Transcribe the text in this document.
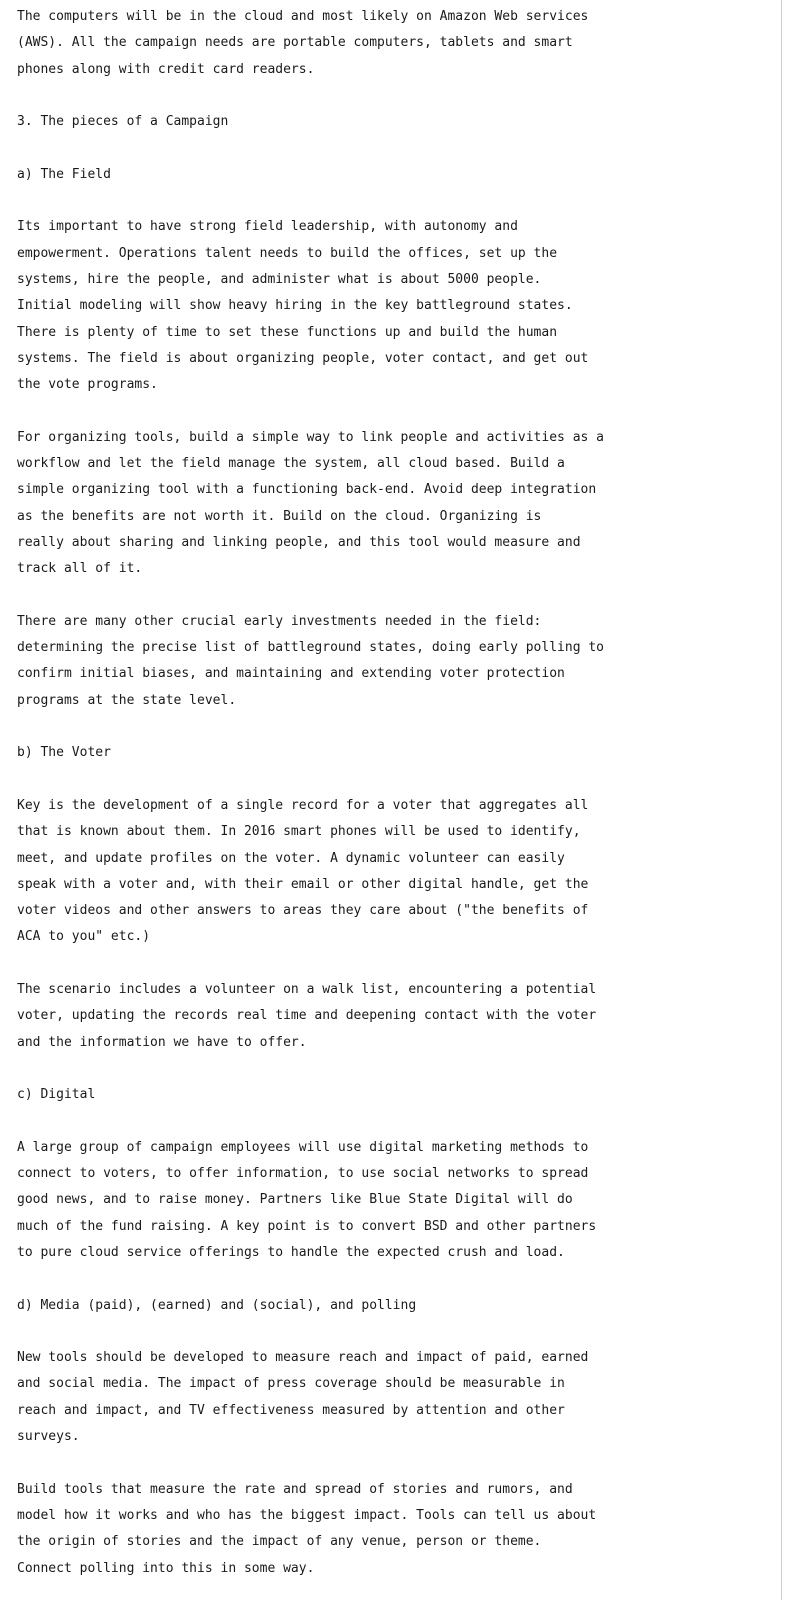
The computers will be in the cloud and most likely on Amazon Web services
(AWS). All the campaign needs are portable computers, tablets and smart
phones along with credit card readers.
3. The pieces of a Campaign
a) The Field
Its important to have strong field leadership, with autonomy and
empowerment. Operations talent needs to build the offices, set up the
systems, hire the people, and administer what is about 5000 people.
Initial modeling will show heavy hiring in the key battleground states.
There is plenty of time to set these functions up and build the human
systems. The field is about organizing people, voter contact, and get out
the vote programs.
For organizing tools, build a simple way to link people and activities as a
workflow and let the field manage the system, all cloud based. Build a
simple organizing tool with a functioning back-end. Avoid deep integration
as the benefits are not worth it. Build on the cloud. Organizing is
really about sharing and linking people, and this tool would measure and
track all of it.
There are many other crucial early investments needed in the field:
determining the precise list of battleground states, doing early polling to
confirm initial biases, and maintaining and extending voter protection
programs at the state level.
b) The Voter
Key is the development of a single record for a voter that aggregates all
that is known about them. In 2016 smart phones will be used to identify,
meet, and update profiles on the voter. A dynamic volunteer can easily
speak with a voter and, with their email or other digital handle, get the
voter videos and other answers to areas they care about ("the benefits of
ACA to you" etc.)
The scenario includes a volunteer on a walk list, encountering a potential
voter, updating the records real time and deepening contact with the voter
and the information we have to offer.
c) Digital
A large group of campaign employees will use digital marketing methods to
connect to voters, to offer information, to use social networks to spread
good news, and to raise money. Partners like Blue State Digital will do
much of the fund raising. A key point is to convert BSD and other partners
to pure cloud service offerings to handle the expected crush and load.
d) Media (paid), (earned) and (social), and polling
New tools should be developed to measure reach and impact of paid, earned
and social media. The impact of press coverage should be measurable in
reach and impact, and TV effectiveness measured by attention and other
surveys.
Build tools that measure the rate and spread of stories and rumors, and
model how it works and who has the biggest impact. Tools can tell us about
the origin of stories and the impact of any venue, person or theme.
Connect polling into this in some way.
